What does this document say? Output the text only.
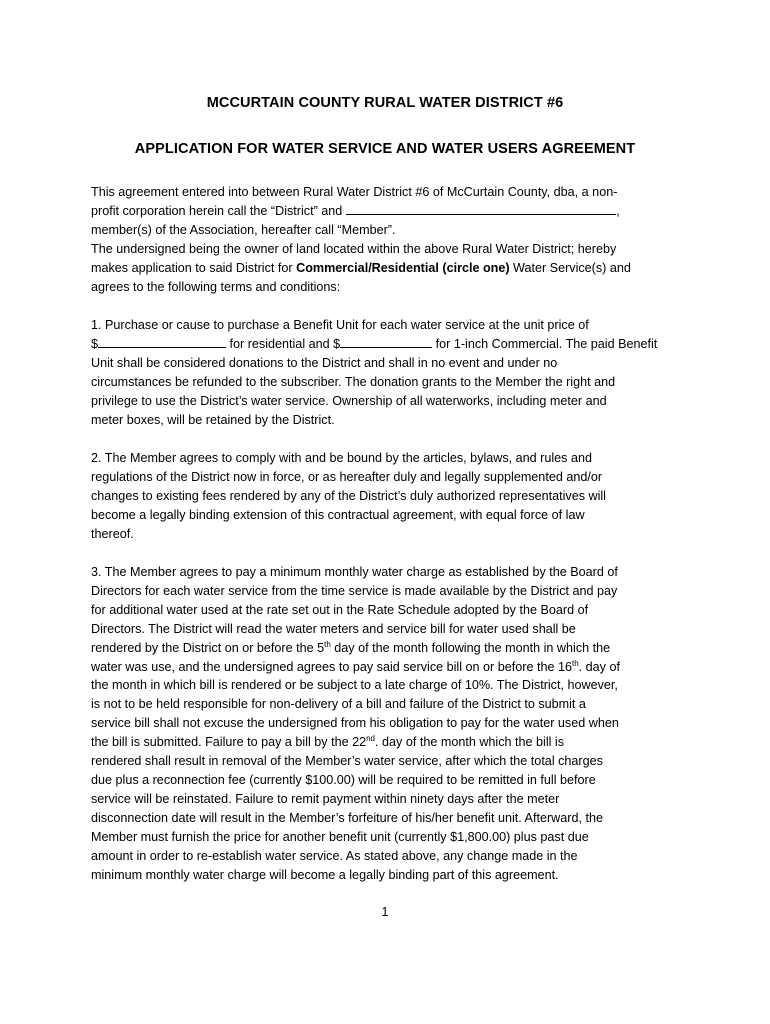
MCCURTAIN COUNTY RURAL WATER DISTRICT #6
APPLICATION FOR WATER SERVICE AND WATER USERS AGREEMENT
This agreement entered into between Rural Water District #6 of McCurtain County, dba, a non-
profit corporation herein call the “District” and	,
member(s) of the Association, hereafter call “Member”.
The undersigned being the owner of land located within the above Rural Water District; hereby
makes application to said District for Commercial/Residential (circle one) Water Service(s) and
agrees to the following terms and conditions:
1. Purchase or cause to purchase a Benefit Unit for each water service at the unit price of
$	for residential and $	for 1-inch Commercial. The paid Benefit
Unit shall be considered donations to the District and shall in no event and under no
circumstances be refunded to the subscriber. The donation grants to the Member the right and
privilege to use the District’s water service. Ownership of all waterworks, including meter and
meter boxes, will be retained by the District.
2. The Member agrees to comply with and be bound by the articles, bylaws, and rules and
regulations of the District now in force, or as hereafter duly and legally supplemented and/or
changes to existing fees rendered by any of the District’s duly authorized representatives will
become a legally binding extension of this contractual agreement, with equal force of law
thereof.
3. The Member agrees to pay a minimum monthly water charge as established by the Board of
Directors for each water service from the time service is made available by the District and pay
for additional water used at the rate set out in the Rate Schedule adopted by the Board of
Directors. The District will read the water meters and service bill for water used shall be
rendered by the District on or before the 5th day of the month following the month in which the
water was use, and the undersigned agrees to pay said service bill on or before the 16th. day of
the month in which bill is rendered or be subject to a late charge of 10%. The District, however,
is not to be held responsible for non-delivery of a bill and failure of the District to submit a
service bill shall not excuse the undersigned from his obligation to pay for the water used when
the bill is submitted. Failure to pay a bill by the 22nd. day of the month which the bill is
rendered shall result in removal of the Member’s water service, after which the total charges
due plus a reconnection fee (currently $100.00) will be required to be remitted in full before
service will be reinstated. Failure to remit payment within ninety days after the meter
disconnection date will result in the Member’s forfeiture of his/her benefit unit. Afterward, the
Member must furnish the price for another benefit unit (currently $1,800.00) plus past due
amount in order to re-establish water service. As stated above, any change made in the
minimum monthly water charge will become a legally binding part of this agreement.
1
